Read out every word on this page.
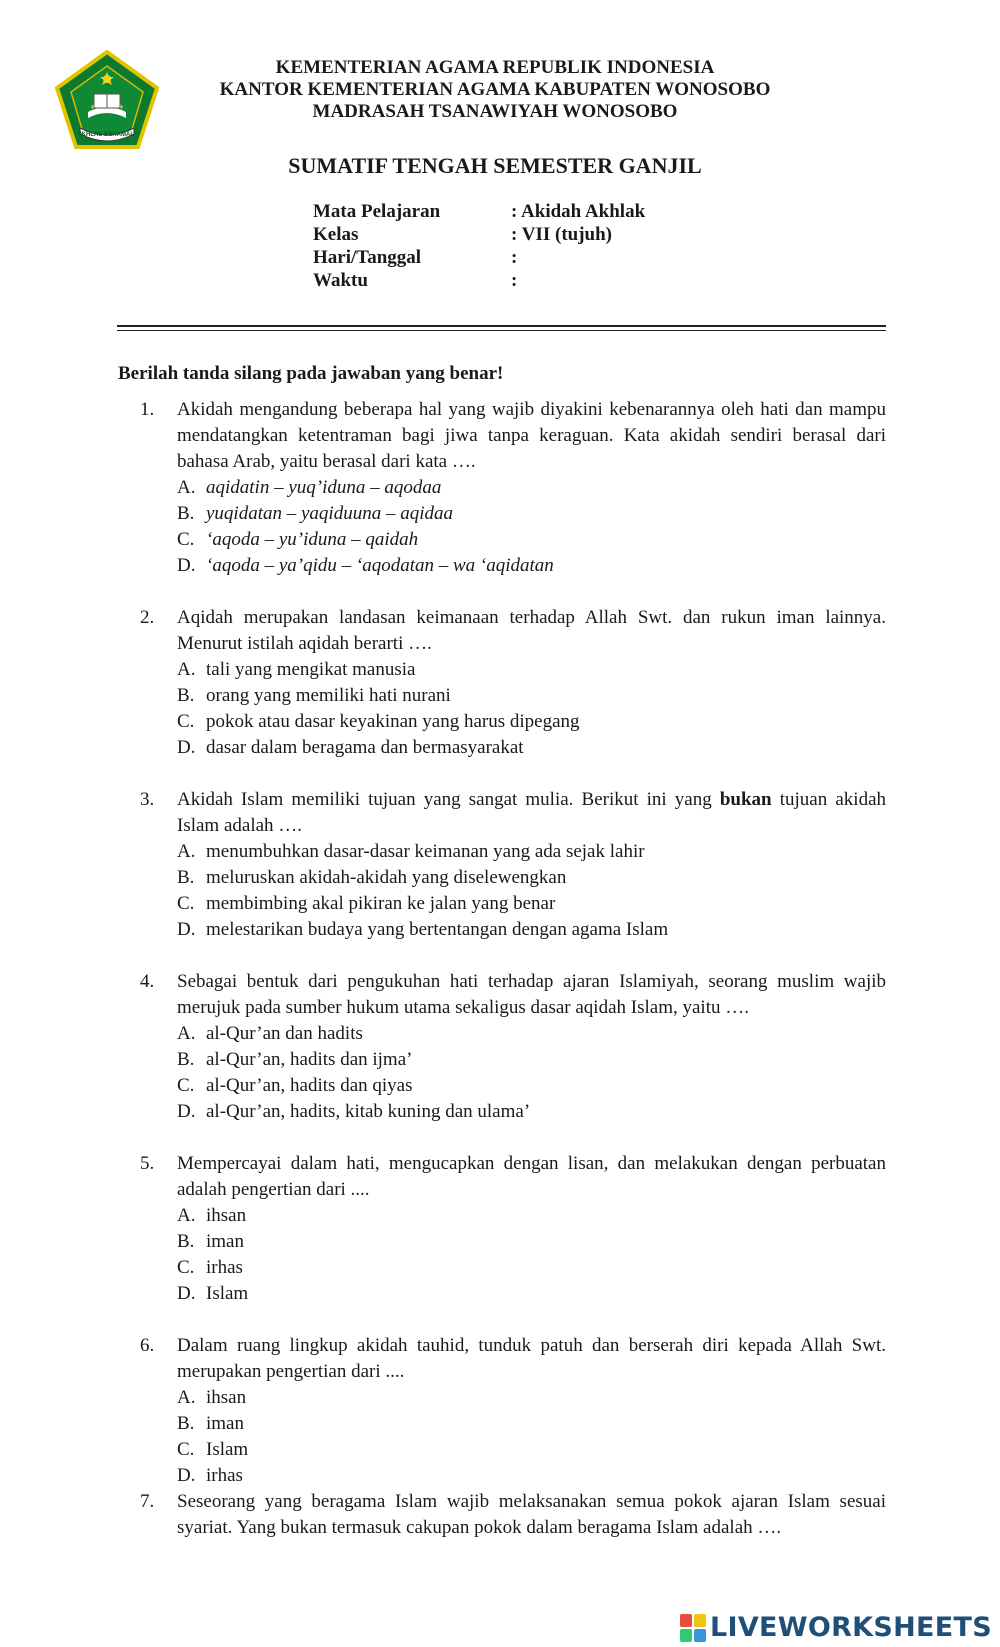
IKHLAS BERAMAL
KEMENTERIAN AGAMA REPUBLIK INDONESIA
KANTOR KEMENTERIAN AGAMA KABUPATEN WONOSOBO
MADRASAH TSANAWIYAH WONOSOBO
SUMATIF TENGAH SEMESTER GANJIL
Mata Pelajaran	: Akidah Akhlak
Kelas	: VII (tujuh)
Hari/Tanggal	:
Waktu	:
Berilah tanda silang pada jawaban yang benar!
1.	Akidah mengandung beberapa hal yang wajib diyakini kebenarannya oleh hati dan mampu mendatangkan ketentraman bagi jiwa tanpa keraguan. Kata akidah sendiri berasal dari bahasa Arab, yaitu berasal dari kata ….
A. aqidatin – yuq’iduna – aqodaa
B. yuqidatan – yaqiduuna – aqidaa
C. ‘aqoda – yu’iduna – qaidah
D. ‘aqoda – ya’qidu – ‘aqodatan – wa ‘aqidatan
2.	Aqidah merupakan landasan keimanaan terhadap Allah Swt. dan rukun iman lainnya. Menurut istilah aqidah berarti ….
A. tali yang mengikat manusia
B. orang yang memiliki hati nurani
C. pokok atau dasar keyakinan yang harus dipegang
D. dasar dalam beragama dan bermasyarakat
3.	Akidah Islam memiliki tujuan yang sangat mulia. Berikut ini yang bukan tujuan akidah Islam adalah ….
A. menumbuhkan dasar-dasar keimanan yang ada sejak lahir
B. meluruskan akidah-akidah yang diselewengkan
C. membimbing akal pikiran ke jalan yang benar
D. melestarikan budaya yang bertentangan dengan agama Islam
4.	Sebagai bentuk dari pengukuhan hati terhadap ajaran Islamiyah, seorang muslim wajib merujuk pada sumber hukum utama sekaligus dasar aqidah Islam, yaitu ….
A. al-Qur’an dan hadits
B. al-Qur’an, hadits dan ijma’
C. al-Qur’an, hadits dan qiyas
D. al-Qur’an, hadits, kitab kuning dan ulama’
5.	Mempercayai dalam hati, mengucapkan dengan lisan, dan melakukan dengan perbuatan adalah pengertian dari ....
A. ihsan
B. iman
C. irhas
D. Islam
6.	Dalam ruang lingkup akidah tauhid, tunduk patuh dan berserah diri kepada Allah Swt. merupakan pengertian dari ....
A. ihsan
B. iman
C. Islam
D. irhas
7.	Seseorang yang beragama Islam wajib melaksanakan semua pokok ajaran Islam sesuai syariat. Yang bukan termasuk cakupan pokok dalam beragama Islam adalah ….
LIVEWORKSHEETS
